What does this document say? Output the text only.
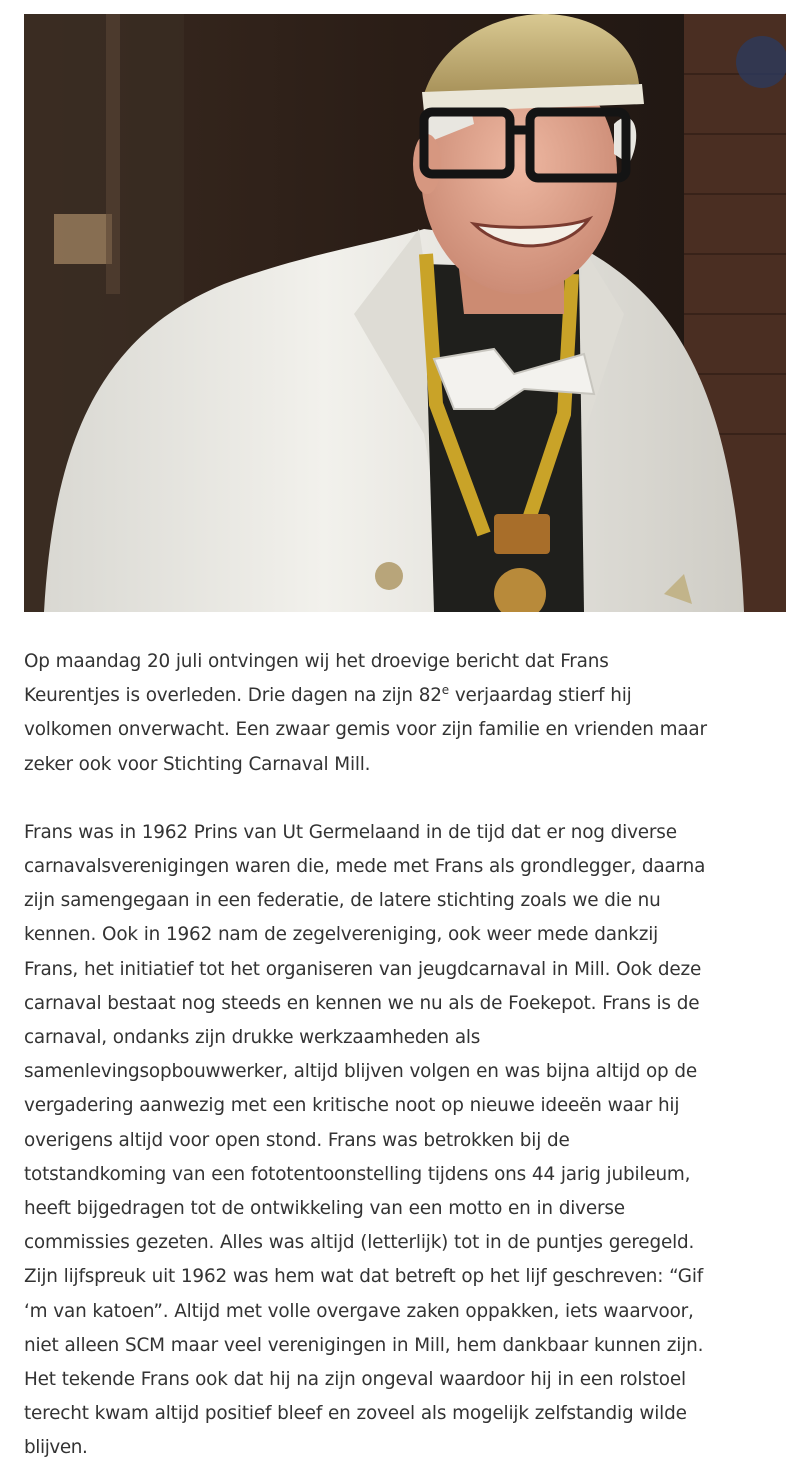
Op maandag 20 juli ontvingen wij het droevige bericht dat Frans
Keurentjes is overleden. Drie dagen na zijn 82e verjaardag stierf hij
volkomen onverwacht. Een zwaar gemis voor zijn familie en vrienden maar
zeker ook voor Stichting Carnaval Mill.

Frans was in 1962 Prins van Ut Germelaand in de tijd dat er nog diverse
carnavalsverenigingen waren die, mede met Frans als grondlegger, daarna
zijn samengegaan in een federatie, de latere stichting zoals we die nu
kennen. Ook in 1962 nam de zegelvereniging, ook weer mede dankzij
Frans, het initiatief tot het organiseren van jeugdcarnaval in Mill. Ook deze
carnaval bestaat nog steeds en kennen we nu als de Foekepot. Frans is de
carnaval, ondanks zijn drukke werkzaamheden als
samenlevingsopbouwwerker, altijd blijven volgen en was bijna altijd op de
vergadering aanwezig met een kritische noot op nieuwe ideeën waar hij
overigens altijd voor open stond. Frans was betrokken bij de
totstandkoming van een fototentoonstelling tijdens ons 44 jarig jubileum,
heeft bijgedragen tot de ontwikkeling van een motto en in diverse
commissies gezeten. Alles was altijd (letterlijk) tot in de puntjes geregeld.
Zijn lijfspreuk uit 1962 was hem wat dat betreft op het lijf geschreven: “Gif
‘m van katoen”. Altijd met volle overgave zaken oppakken, iets waarvoor,
niet alleen SCM maar veel verenigingen in Mill, hem dankbaar kunnen zijn.
Het tekende Frans ook dat hij na zijn ongeval waardoor hij in een rolstoel
terecht kwam altijd positief bleef en zoveel als mogelijk zelfstandig wilde
blijven.
